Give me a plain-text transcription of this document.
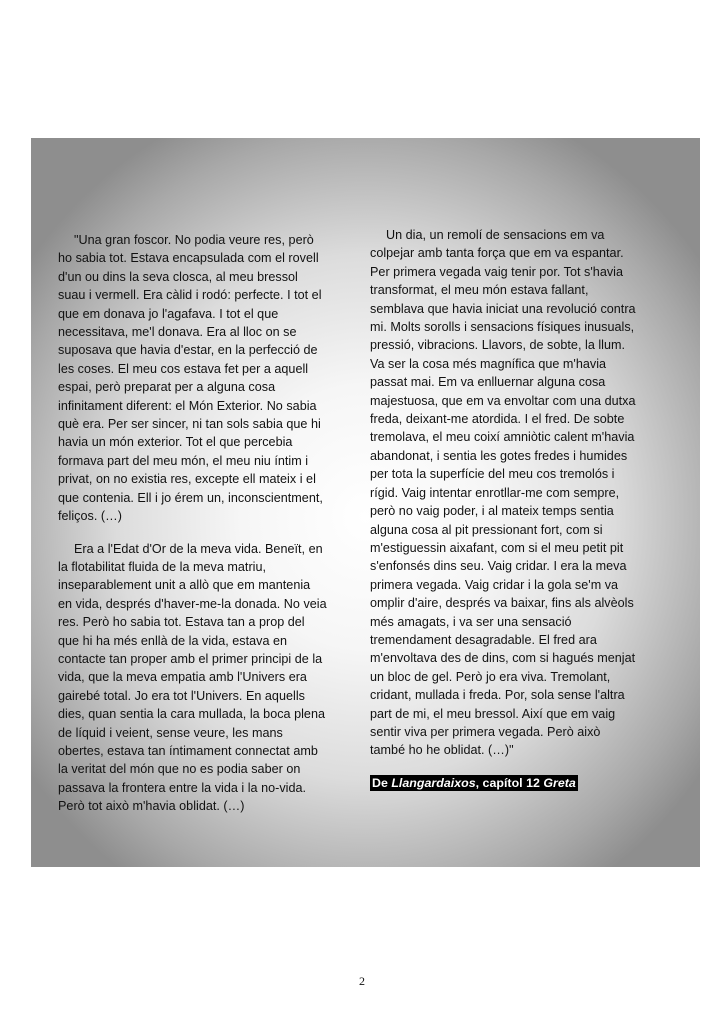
"Una gran foscor. No podia veure res, però
ho sabia tot. Estava encapsulada com el rovell
d'un ou dins la seva closca, al meu bressol
suau i vermell. Era càlid i rodó: perfecte. I tot el
que em donava jo l'agafava. I tot el que
necessitava, me'l donava. Era al lloc on se
suposava que havia d'estar, en la perfecció de
les coses. El meu cos estava fet per a aquell
espai, però preparat per a alguna cosa
infinitament diferent: el Món Exterior. No sabia
què era. Per ser sincer, ni tan sols sabia que hi
havia un món exterior. Tot el que percebia
formava part del meu món, el meu niu íntim i
privat, on no existia res, excepte ell mateix i el
que contenia. Ell i jo érem un, inconscientment,
feliços. (…)

Era a l'Edat d'Or de la meva vida. Beneït, en
la flotabilitat fluida de la meva matriu,
inseparablement unit a allò que em mantenia
en vida, després d'haver-me-la donada. No veia
res. Però ho sabia tot. Estava tan a prop del
que hi ha més enllà de la vida, estava en
contacte tan proper amb el primer principi de la
vida, que la meva empatia amb l'Univers era
gairebé total. Jo era tot l'Univers. En aquells
dies, quan sentia la cara mullada, la boca plena
de líquid i veient, sense veure, les mans
obertes, estava tan íntimament connectat amb
la veritat del món que no es podia saber on
passava la frontera entre la vida i la no-vida.
Però tot això m'havia oblidat. (…)

Un dia, un remolí de sensacions em va
colpejar amb tanta força que em va espantar.
Per primera vegada vaig tenir por. Tot s'havia
transformat, el meu món estava fallant,
semblava que havia iniciat una revolució contra
mi. Molts sorolls i sensacions físiques inusuals,
pressió, vibracions. Llavors, de sobte, la llum.
Va ser la cosa més magnífica que m'havia
passat mai. Em va enlluernar alguna cosa
majestuosa, que em va envoltar com una dutxa
freda, deixant-me atordida. I el fred. De sobte
tremolava, el meu coixí amniòtic calent m'havia
abandonat, i sentia les gotes fredes i humides
per tota la superfície del meu cos tremolós i
rígid. Vaig intentar enrotllar-me com sempre,
però no vaig poder, i al mateix temps sentia
alguna cosa al pit pressionant fort, com si
m'estiguessin aixafant, com si el meu petit pit
s'enfonsés dins seu. Vaig cridar. I era la meva
primera vegada. Vaig cridar i la gola se'm va
omplir d'aire, després va baixar, fins als alvèols
més amagats, i va ser una sensació
tremendament desagradable. El fred ara
m'envoltava des de dins, com si hagués menjat
un bloc de gel. Però jo era viva. Tremolant,
cridant, mullada i freda. Por, sola sense l'altra
part de mi, el meu bressol. Així que em vaig
sentir viva per primera vegada. Però això
també ho he oblidat. (…)"

De Llangardaixos, capítol 12 Greta
2
